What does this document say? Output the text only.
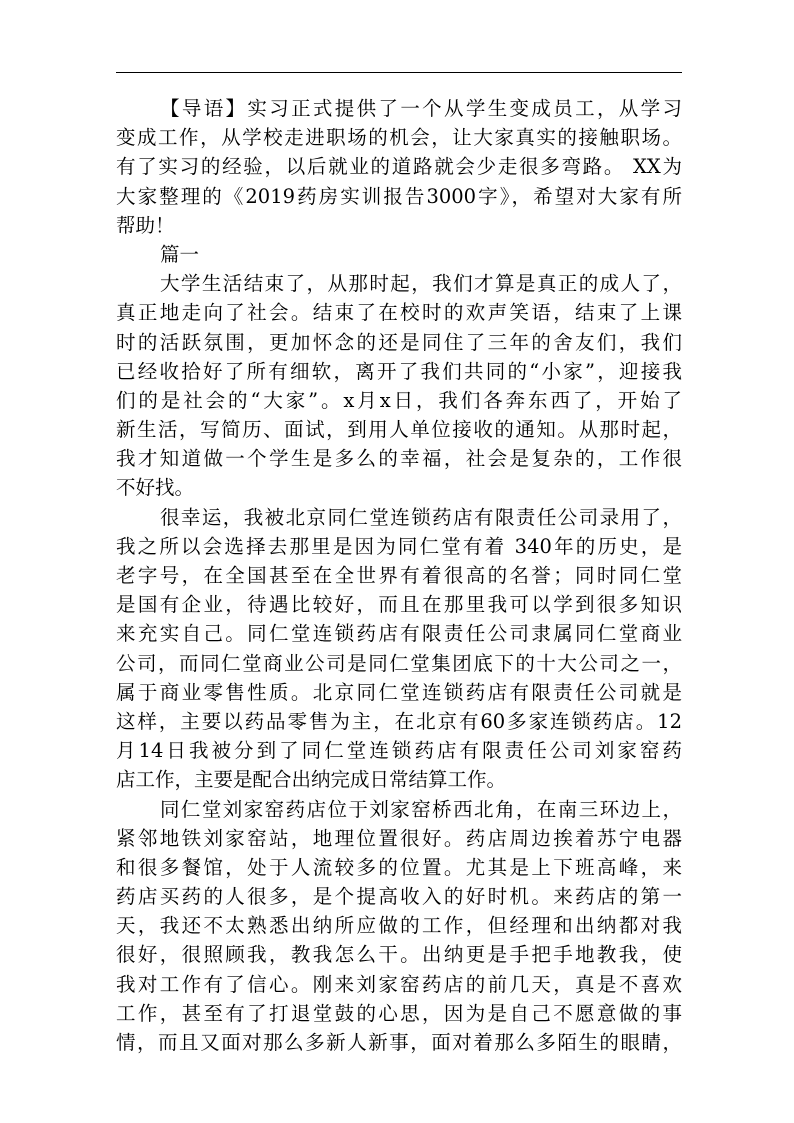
【导语】实习正式提供了一个从学生变成员工，从学习
变成工作，从学校走进职场的机会，让大家真实的接触职场。
有了实习的经验，以后就业的道路就会少走很多弯路。 XX为
大家整理的《2019药房实训报告3000字》，希望对大家有所
帮助！
篇一
大学生活结束了，从那时起，我们才算是真正的成人了，
真正地走向了社会。结束了在校时的欢声笑语，结束了上课
时的活跃氛围，更加怀念的还是同住了三年的舍友们，我们
已经收拾好了所有细软，离开了我们共同的“小家”，迎接我
们的是社会的“大家”。x月x日，我们各奔东西了，开始了
新生活，写简历、面试，到用人单位接收的通知。从那时起，
我才知道做一个学生是多么的幸福，社会是复杂的，工作很
不好找。
很幸运，我被北京同仁堂连锁药店有限责任公司录用了，
我之所以会选择去那里是因为同仁堂有着 340年的历史，是
老字号，在全国甚至在全世界有着很高的名誉；同时同仁堂
是国有企业，待遇比较好，而且在那里我可以学到很多知识
来充实自己。同仁堂连锁药店有限责任公司隶属同仁堂商业
公司，而同仁堂商业公司是同仁堂集团底下的十大公司之一，
属于商业零售性质。北京同仁堂连锁药店有限责任公司就是
这样，主要以药品零售为主，在北京有60多家连锁药店。12
月14日我被分到了同仁堂连锁药店有限责任公司刘家窑药
店工作，主要是配合出纳完成日常结算工作。
同仁堂刘家窑药店位于刘家窑桥西北角，在南三环边上，
紧邻地铁刘家窑站，地理位置很好。药店周边挨着苏宁电器
和很多餐馆，处于人流较多的位置。尤其是上下班高峰，来
药店买药的人很多，是个提高收入的好时机。来药店的第一
天，我还不太熟悉出纳所应做的工作，但经理和出纳都对我
很好，很照顾我，教我怎么干。出纳更是手把手地教我，使
我对工作有了信心。刚来刘家窑药店的前几天，真是不喜欢
工作，甚至有了打退堂鼓的心思，因为是自己不愿意做的事
情，而且又面对那么多新人新事，面对着那么多陌生的眼睛，
